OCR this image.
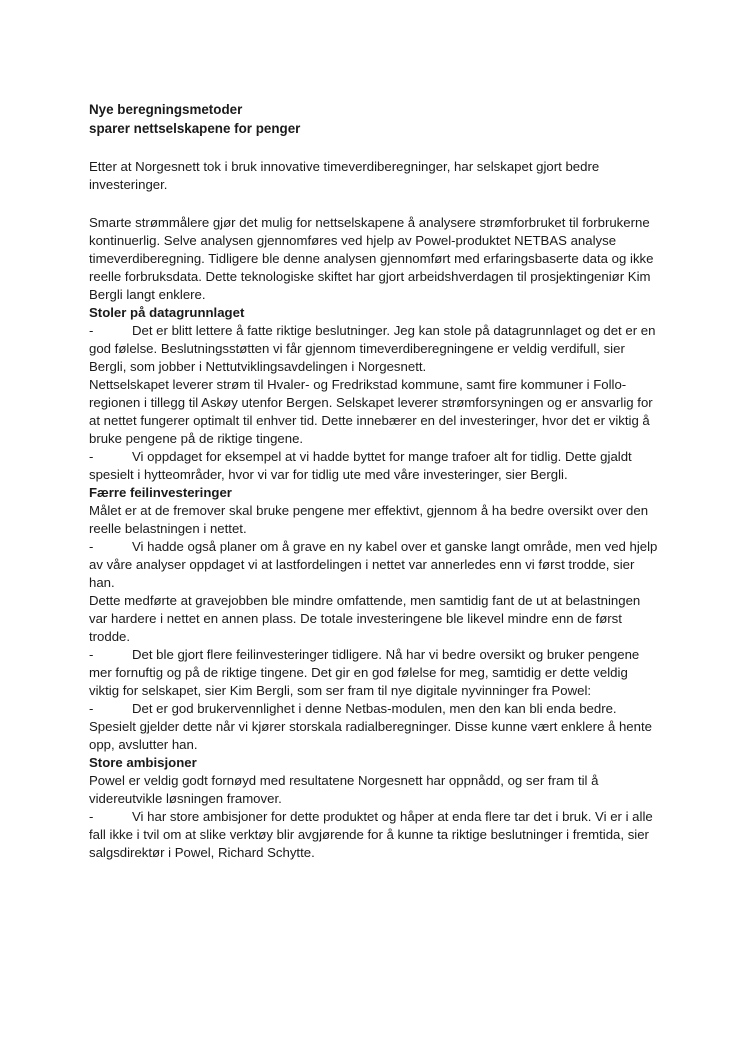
Nye beregningsmetoder
sparer nettselskapene for penger

Etter at Norgesnett tok i bruk innovative timeverdiberegninger, har selskapet gjort bedre investeringer.

Smarte strømmålere gjør det mulig for nettselskapene å analysere strømforbruket til forbrukerne kontinuerlig. Selve analysen gjennomføres ved hjelp av Powel-produktet NETBAS analyse timeverdiberegning. Tidligere ble denne analysen gjennomført med erfaringsbaserte data og ikke reelle forbruksdata. Dette teknologiske skiftet har gjort arbeidshverdagen til prosjektingeniør Kim Bergli langt enklere.

Stoler på datagrunnlaget

-	Det er blitt lettere å fatte riktige beslutninger. Jeg kan stole på datagrunnlaget og det er en god følelse. Beslutningsstøtten vi får gjennom timeverdiberegningene er veldig verdifull, sier Bergli, som jobber i Nettutviklingsavdelingen i Norgesnett.

Nettselskapet leverer strøm til Hvaler- og Fredrikstad kommune, samt fire kommuner i Follo-regionen i tillegg til Askøy utenfor Bergen. Selskapet leverer strømforsyningen og er ansvarlig for at nettet fungerer optimalt til enhver tid. Dette innebærer en del investeringer, hvor det er viktig å bruke pengene på de riktige tingene.

-	Vi oppdaget for eksempel at vi hadde byttet for mange trafoer alt for tidlig. Dette gjaldt spesielt i hytteområder, hvor vi var for tidlig ute med våre investeringer, sier Bergli.

Færre feilinvesteringer

Målet er at de fremover skal bruke pengene mer effektivt, gjennom å ha bedre oversikt over den reelle belastningen i nettet.

-	Vi hadde også planer om å grave en ny kabel over et ganske langt område, men ved hjelp av våre analyser oppdaget vi at lastfordelingen i nettet var annerledes enn vi først trodde, sier han.

Dette medførte at gravejobben ble mindre omfattende, men samtidig fant de ut at belastningen var hardere i nettet en annen plass. De totale investeringene ble likevel mindre enn de først trodde.

-	Det ble gjort flere feilinvesteringer tidligere. Nå har vi bedre oversikt og bruker pengene mer fornuftig og på de riktige tingene. Det gir en god følelse for meg, samtidig er dette veldig viktig for selskapet, sier Kim Bergli, som ser fram til nye digitale nyvinninger fra Powel:

-	Det er god brukervennlighet i denne Netbas-modulen, men den kan bli enda bedre. Spesielt gjelder dette når vi kjører storskala radialberegninger. Disse kunne vært enklere å hente opp, avslutter han.

Store ambisjoner

Powel er veldig godt fornøyd med resultatene Norgesnett har oppnådd, og ser fram til å videreutvikle løsningen framover.

-	Vi har store ambisjoner for dette produktet og håper at enda flere tar det i bruk. Vi er i alle fall ikke i tvil om at slike verktøy blir avgjørende for å kunne ta riktige beslutninger i fremtida, sier salgsdirektør i Powel, Richard Schytte.
